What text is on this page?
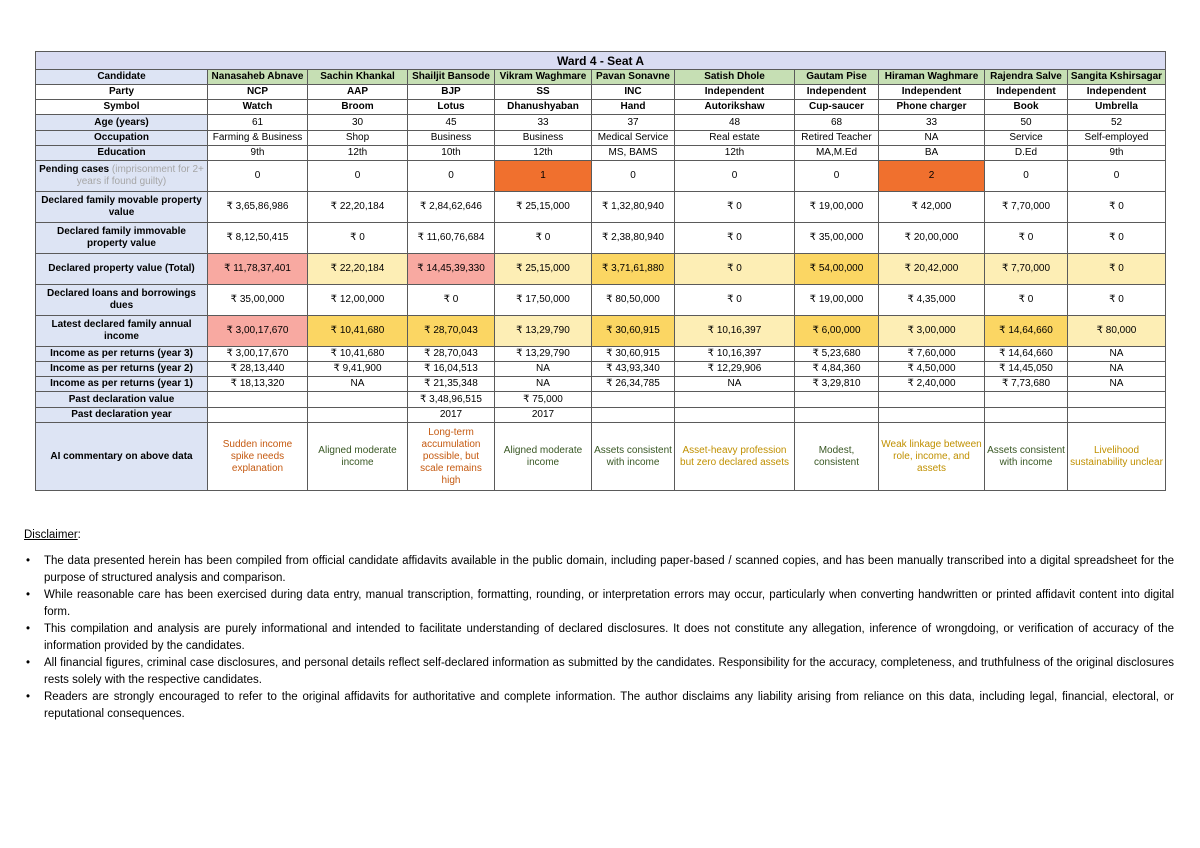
Ward 4 - Seat A										
Candidate	Nanasaheb Abnave	Sachin Khankal	Shailjit Bansode	Vikram Waghmare	Pavan Sonavne	Satish Dhole	Gautam Pise	Hiraman Waghmare	Rajendra Salve	Sangita Kshirsagar
Party	NCP	AAP	BJP	SS	INC	Independent	Independent	Independent	Independent	Independent
Symbol	Watch	Broom	Lotus	Dhanushyaban	Hand	Autorikshaw	Cup-saucer	Phone charger	Book	Umbrella
Age (years)	61	30	45	33	37	48	68	33	50	52
Occupation	Farming & Business	Shop	Business	Business	Medical Service	Real estate	Retired Teacher	NA	Service	Self-employed
Education	9th	12th	10th	12th	MS, BAMS	12th	MA,M.Ed	BA	D.Ed	9th
Pending cases (imprisonment for 2+ years if found guilty)	0	0	0	1	0	0	0	2	0	0
Declared family movable property value	₹ 3,65,86,986	₹ 22,20,184	₹ 2,84,62,646	₹ 25,15,000	₹ 1,32,80,940	₹ 0	₹ 19,00,000	₹ 42,000	₹ 7,70,000	₹ 0
Declared family immovable property value	₹ 8,12,50,415	₹ 0	₹ 11,60,76,684	₹ 0	₹ 2,38,80,940	₹ 0	₹ 35,00,000	₹ 20,00,000	₹ 0	₹ 0
Declared property value (Total)	₹ 11,78,37,401	₹ 22,20,184	₹ 14,45,39,330	₹ 25,15,000	₹ 3,71,61,880	₹ 0	₹ 54,00,000	₹ 20,42,000	₹ 7,70,000	₹ 0
Declared loans and borrowings dues	₹ 35,00,000	₹ 12,00,000	₹ 0	₹ 17,50,000	₹ 80,50,000	₹ 0	₹ 19,00,000	₹ 4,35,000	₹ 0	₹ 0
Latest declared family annual income	₹ 3,00,17,670	₹ 10,41,680	₹ 28,70,043	₹ 13,29,790	₹ 30,60,915	₹ 10,16,397	₹ 6,00,000	₹ 3,00,000	₹ 14,64,660	₹ 80,000
Income as per returns (year 3)	₹ 3,00,17,670	₹ 10,41,680	₹ 28,70,043	₹ 13,29,790	₹ 30,60,915	₹ 10,16,397	₹ 5,23,680	₹ 7,60,000	₹ 14,64,660	NA
Income as per returns (year 2)	₹ 28,13,440	₹ 9,41,900	₹ 16,04,513	NA	₹ 43,93,340	₹ 12,29,906	₹ 4,84,360	₹ 4,50,000	₹ 14,45,050	NA
Income as per returns (year 1)	₹ 18,13,320	NA	₹ 21,35,348	NA	₹ 26,34,785	NA	₹ 3,29,810	₹ 2,40,000	₹ 7,73,680	NA
Past declaration value			₹ 3,48,96,515	₹ 75,000						
Past declaration year			2017	2017						
AI commentary on above data	Sudden income spike needs explanation	Aligned moderate income	Long-term accumulation possible, but scale remains high	Aligned moderate income	Assets consistent with income	Asset-heavy profession but zero declared assets	Modest, consistent	Weak linkage between role, income, and assets	Assets consistent with income	Livelihood sustainability unclear
Disclaimer:
• The data presented herein has been compiled from official candidate affidavits available in the public domain, including paper-based / scanned copies, and has been manually transcribed into a digital spreadsheet for the purpose of structured analysis and comparison.
• While reasonable care has been exercised during data entry, manual transcription, formatting, rounding, or interpretation errors may occur, particularly when converting handwritten or printed affidavit content into digital form.
• This compilation and analysis are purely informational and intended to facilitate understanding of declared disclosures. It does not constitute any allegation, inference of wrongdoing, or verification of accuracy of the information provided by the candidates.
• All financial figures, criminal case disclosures, and personal details reflect self-declared information as submitted by the candidates. Responsibility for the accuracy, completeness, and truthfulness of the original disclosures rests solely with the respective candidates.
• Readers are strongly encouraged to refer to the original affidavits for authoritative and complete information. The author disclaims any liability arising from reliance on this data, including legal, financial, electoral, or reputational consequences.
